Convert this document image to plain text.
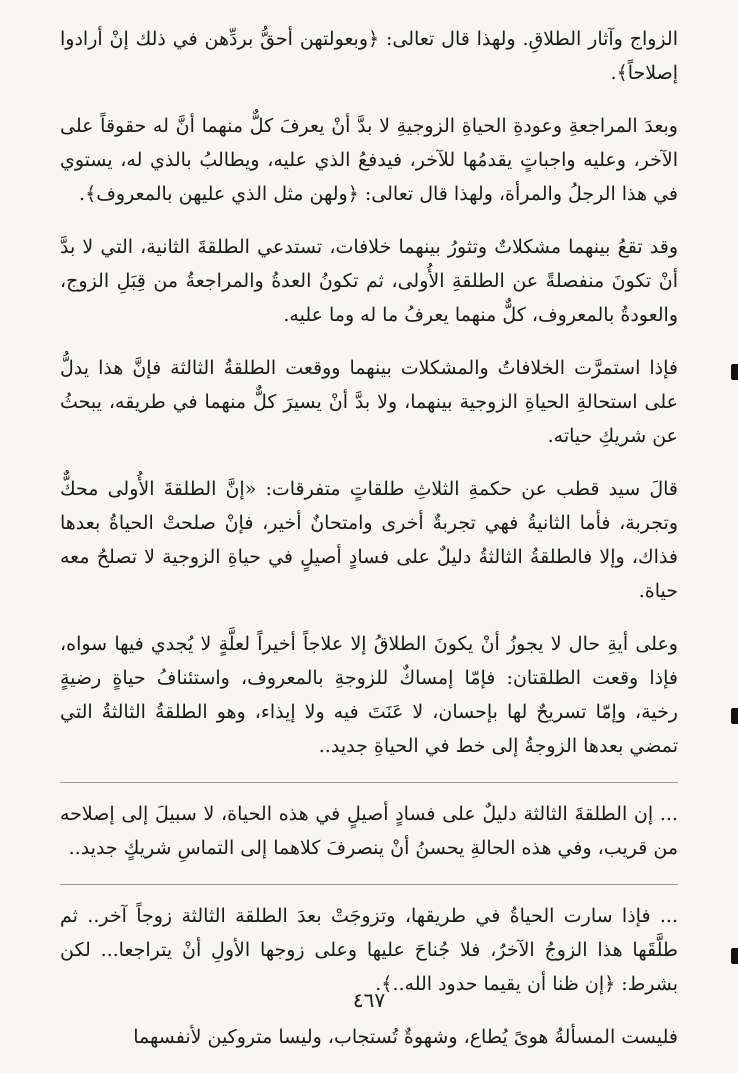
الزواج وآثار الطلاقِ. ولهذا قال تعالى: ﴿وبعولتهن أحقُّ بردِّهن في ذلك إنْ أرادوا إصلاحاً﴾.

وبعدَ المراجعةِ وعودةِ الحياةِ الزوجيةِ لا بدَّ أنْ يعرفَ كلٌّ منهما أنَّ له حقوقاً على الآخر، وعليه واجباتٍ يقدمُها للآخر، فيدفعُ الذي عليه، ويطالبُ بالذي له، يستوي في هذا الرجلُ والمرأة، ولهذا قال تعالى: ﴿ولهن مثل الذي عليهن بالمعروف﴾.

وقد تقعُ بينهما مشكلاتٌ وتثورُ بينهما خلافات، تستدعي الطلقةَ الثانية، التي لا بدَّ أنْ تكونَ منفصلةً عن الطلقةِ الأُولى، ثم تكونُ العدةُ والمراجعةُ من قِبَلِ الزوج، والعودةُ بالمعروف، كلٌّ منهما يعرفُ ما له وما عليه.

فإذا استمرَّت الخلافاتُ والمشكلات بينهما ووقعت الطلقةُ الثالثة فإنَّ هذا يدلُّ على استحالةِ الحياةِ الزوجية بينهما، ولا بدَّ أنْ يسيرَ كلٌّ منهما في طريقه، يبحثُ عن شريكِ حياته.

قالَ سيد قطب عن حكمةِ الثلاثِ طلقاتٍ متفرقات: «إنَّ الطلقةَ الأُولى محكٌّ وتجربة، فأما الثانيةُ فهي تجربةٌ أخرى وامتحانٌ أخير، فإنْ صلحتْ الحياةُ بعدها فذاك، وإلا فالطلقةُ الثالثةُ دليلٌ على فسادٍ أصيلٍ في حياةِ الزوجية لا تصلحُ معه حياة.

وعلى أيةِ حال لا يجوزُ أنْ يكونَ الطلاقُ إلا علاجاً أخيراً لعلَّةٍ لا يُجدي فيها سواه، فإذا وقعت الطلقتان: فإمّا إمساكٌ للزوجةِ بالمعروف، واستئنافُ حياةٍ رضيةٍ رخية، وإمّا تسريحٌ لها بإحسان، لا عَنَتَ فيه ولا إيذاء، وهو الطلقةُ الثالثةُ التي تمضي بعدها الزوجةُ إلى خط في الحياةِ جديد..

... إن الطلقةَ الثالثة دليلٌ على فسادٍ أصيلٍ في هذه الحياة، لا سبيلَ إلى إصلاحه من قريب، وفي هذه الحالةِ يحسنُ أنْ ينصرفَ كلاهما إلى التماسِ شريكٍ جديد..

... فإذا سارت الحياةُ في طريقها، وتزوجَتْ بعدَ الطلقة الثالثة زوجاً آخر.. ثم طلَّقَها هذا الزوجُ الآخرُ، فلا جُناحَ عليها وعلى زوجها الأولِ أنْ يتراجعا... لكن بشرط: ﴿إن ظنا أن يقيما حدود الله..﴾.

فليست المسألةُ هوىً يُطاع، وشهوةٌ تُستجاب، وليسا متروكين لأنفسهما

٤٦٧
